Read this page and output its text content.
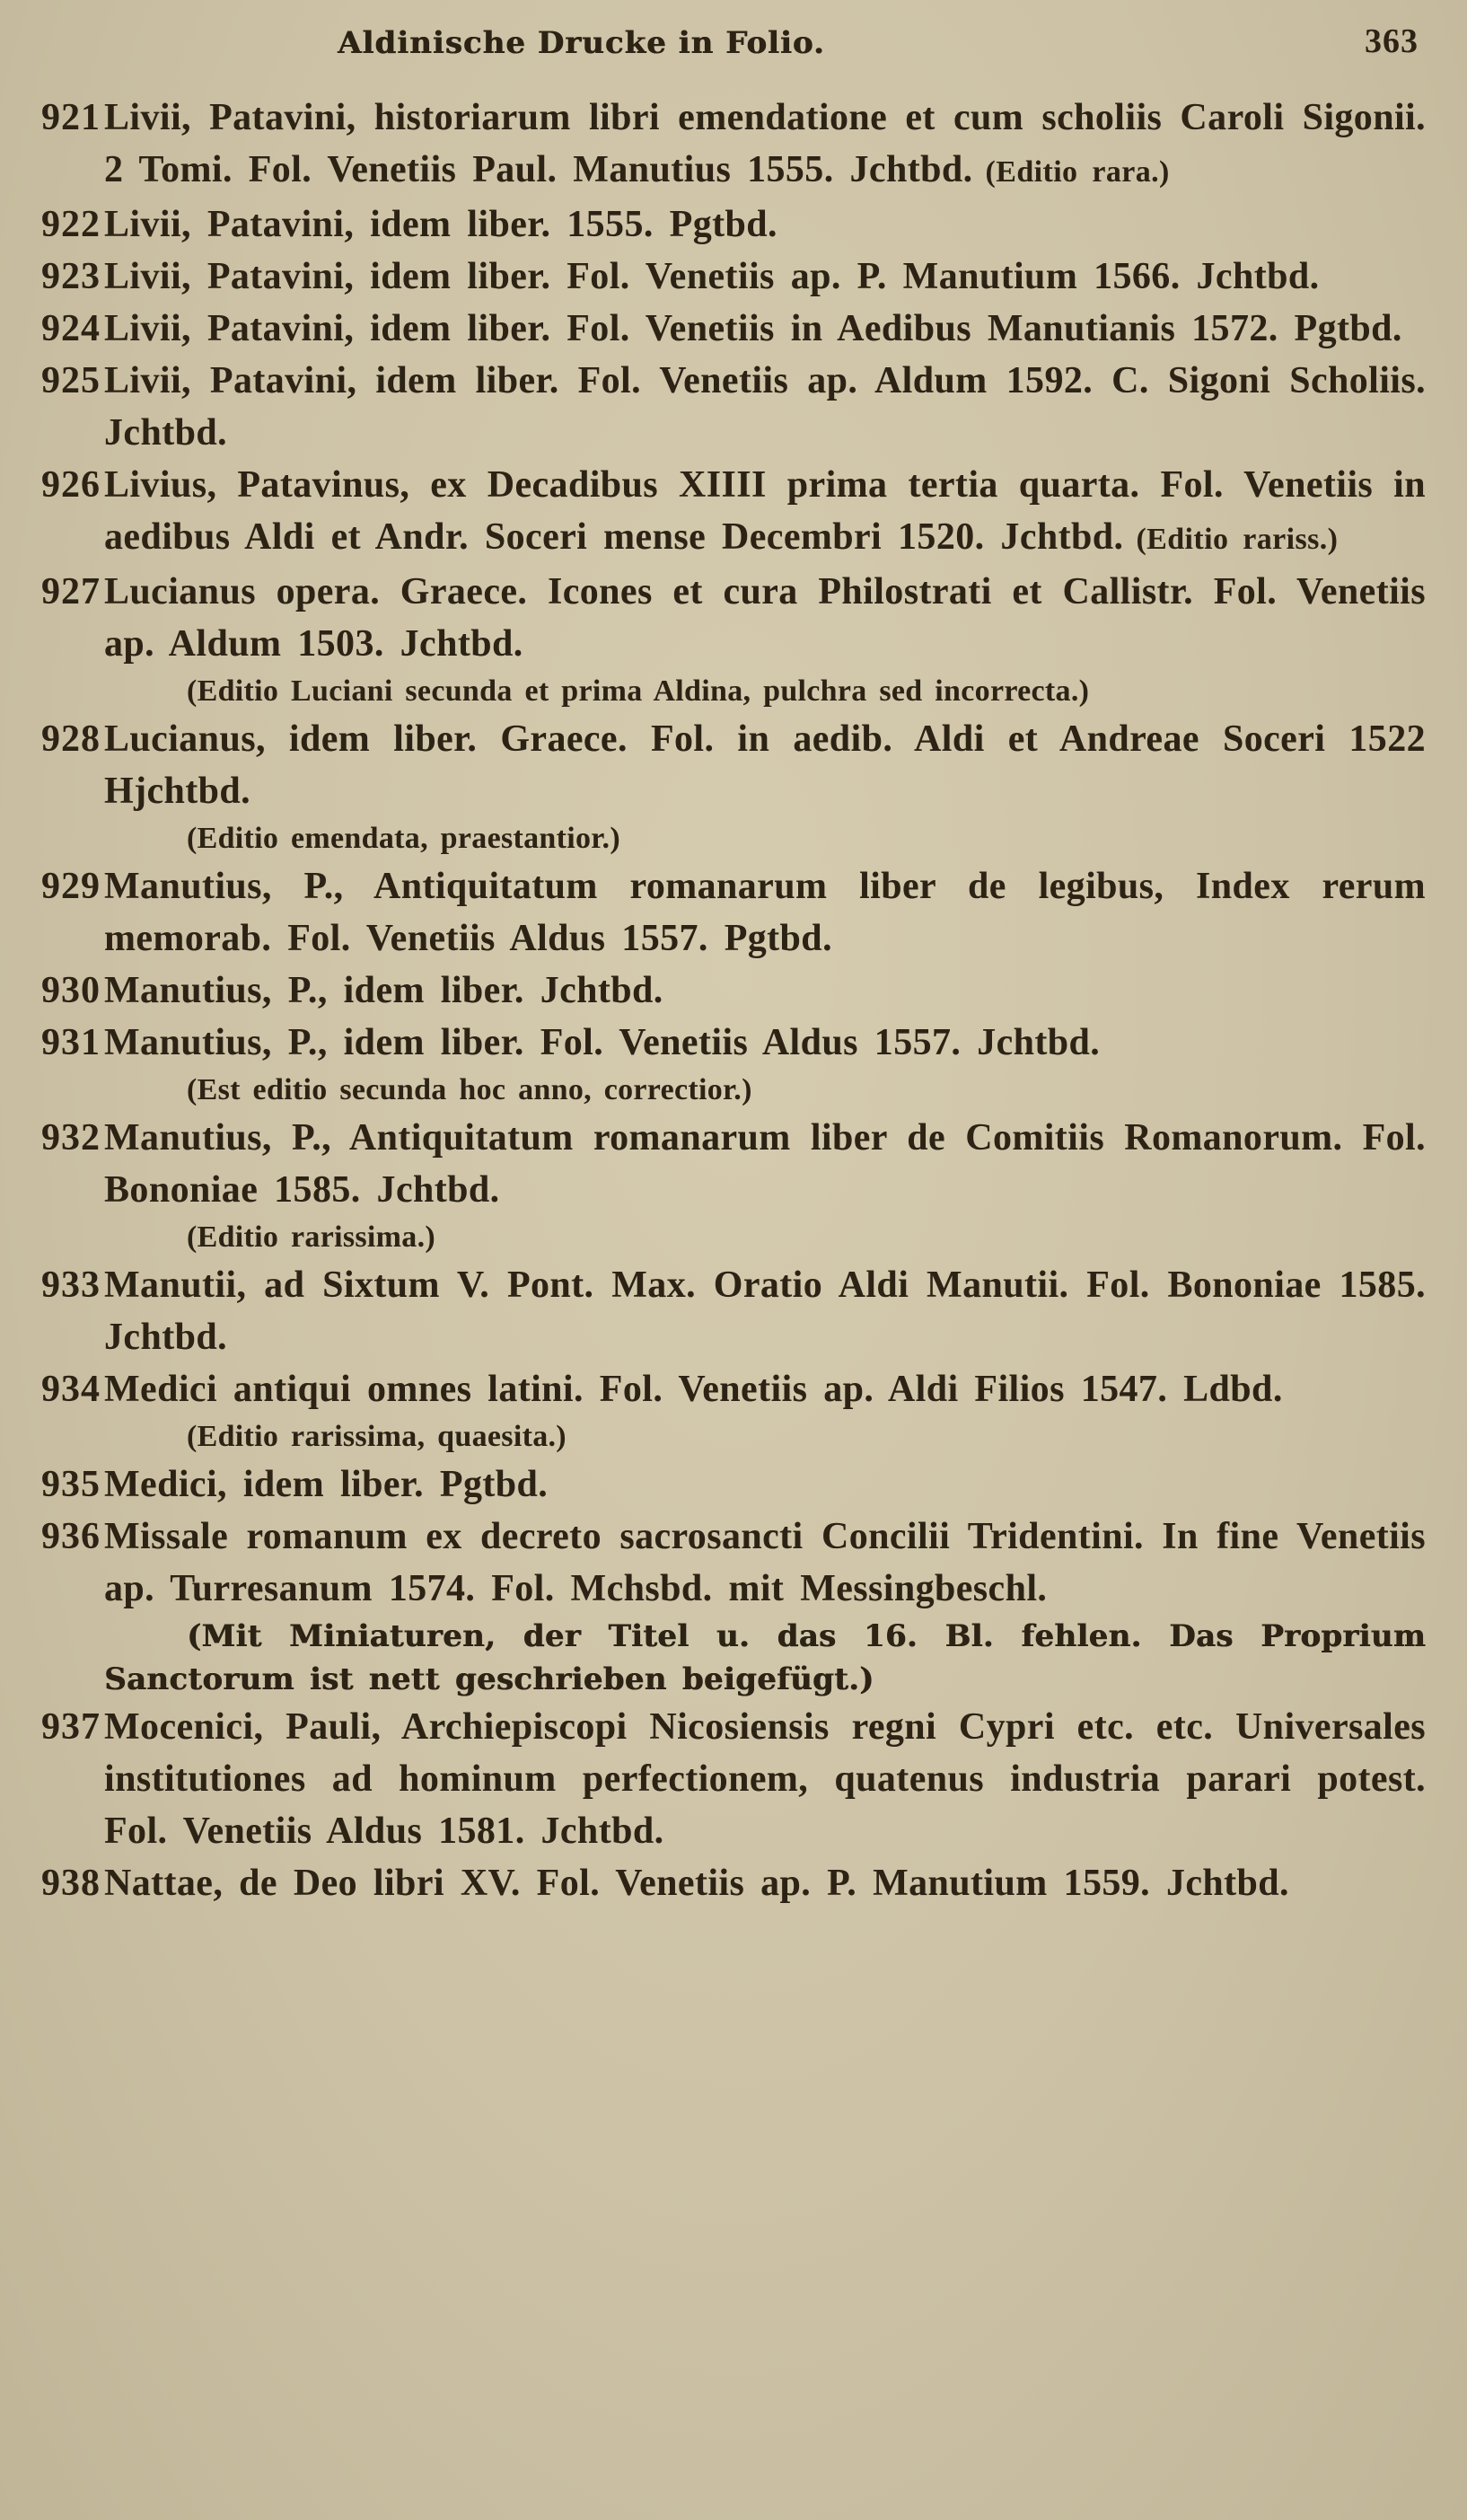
Aldinische Drucke in Folio.	363
921 Livii, Patavini, historiarum libri emendatione et cum scholiis Caroli Sigonii. 2 Tomi. Fol. Venetiis Paul. Manutius 1555. Jchtbd. (Editio rara.)
922 Livii, Patavini, idem liber. 1555. Pgtbd.
923 Livii, Patavini, idem liber. Fol. Venetiis ap. P. Manutium 1566. Jchtbd.
924 Livii, Patavini, idem liber. Fol. Venetiis in Aedibus Manutianis 1572. Pgtbd.
925 Livii, Patavini, idem liber. Fol. Venetiis ap. Aldum 1592. C. Sigoni Scholiis. Jchtbd.
926 Livius, Patavinus, ex Decadibus XIIII prima tertia quarta. Fol. Venetiis in aedibus Aldi et Andr. Soceri mense Decembri 1520. Jchtbd. (Editio rariss.)
927 Lucianus opera. Graece. Icones et cura Philostrati et Callistr. Fol. Venetiis ap. Aldum 1503. Jchtbd.
(Editio Luciani secunda et prima Aldina, pulchra sed incorrecta.)
928 Lucianus, idem liber. Graece. Fol. in aedib. Aldi et Andreae Soceri 1522 Hjchtbd.
(Editio emendata, praestantior.)
929 Manutius, P., Antiquitatum romanarum liber de legibus, Index rerum memorab. Fol. Venetiis Aldus 1557. Pgtbd.
930 Manutius, P., idem liber. Jchtbd.
931 Manutius, P., idem liber. Fol. Venetiis Aldus 1557. Jchtbd.
(Est editio secunda hoc anno, correctior.)
932 Manutius, P., Antiquitatum romanarum liber de Comitiis Romanorum. Fol. Bononiae 1585. Jchtbd.
(Editio rarissima.)
933 Manutii, ad Sixtum V. Pont. Max. Oratio Aldi Manutii. Fol. Bononiae 1585. Jchtbd.
934 Medici antiqui omnes latini. Fol. Venetiis ap. Aldi Filios 1547. Ldbd.
(Editio rarissima, quaesita.)
935 Medici, idem liber. Pgtbd.
936 Missale romanum ex decreto sacrosancti Concilii Tridentini. In fine Venetiis ap. Turresanum 1574. Fol. Mchsbd. mit Messingbeschl.
(Mit Miniaturen, der Titel u. das 16. Bl. fehlen. Das Proprium Sanctorum ist nett geschrieben beigefügt.)
937 Mocenici, Pauli, Archiepiscopi Nicosiensis regni Cypri etc. etc. Universales institutiones ad hominum perfectionem, quatenus industria parari potest. Fol. Venetiis Aldus 1581. Jchtbd.
938 Nattae, de Deo libri XV. Fol. Venetiis ap. P. Manutium 1559. Jchtbd.
